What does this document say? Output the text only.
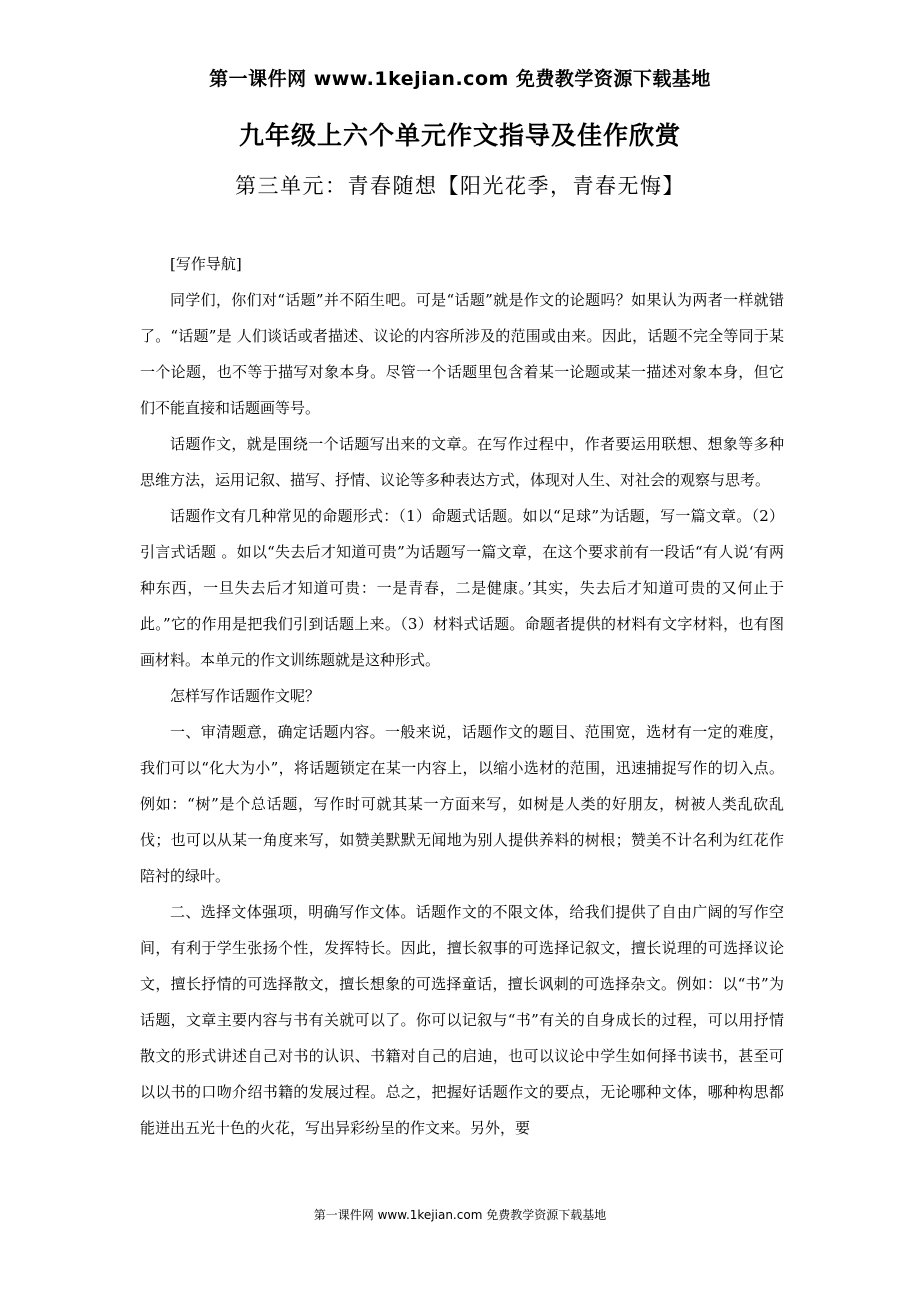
第一课件网 www.1kejian.com 免费教学资源下载基地
九年级上六个单元作文指导及佳作欣赏
第三单元：青春随想【阳光花季，青春无悔】

[写作导航]

同学们，你们对“话题”并不陌生吧。可是“话题”就是作文的论题吗？如果认为两者一样就错了。“话题”是 人们谈话或者描述、议论的内容所涉及的范围或由来。因此，话题不完全等同于某一个论题，也不等于描写对象本身。尽管一个话题里包含着某一论题或某一描述对象本身，但它们不能直接和话题画等号。

话题作文，就是围绕一个话题写出来的文章。在写作过程中，作者要运用联想、想象等多种思维方法，运用记叙、描写、抒情、议论等多种表达方式，体现对人生、对社会的观察与思考。

话题作文有几种常见的命题形式：（1）命题式话题。如以“足球”为话题，写一篇文章。（2）引言式话题 。如以“失去后才知道可贵”为话题写一篇文章，在这个要求前有一段话“有人说‘有两种东西，一旦失去后才知道可贵：一是青春，二是健康。’其实，失去后才知道可贵的又何止于此。”它的作用是把我们引到话题上来。（3）材料式话题。命题者提供的材料有文字材料，也有图画材料。本单元的作文训练题就是这种形式。

怎样写作话题作文呢？

一、审清题意，确定话题内容。一般来说，话题作文的题目、范围宽，选材有一定的难度，我们可以“化大为小”，将话题锁定在某一内容上，以缩小选材的范围，迅速捕捉写作的切入点。例如：“树”是个总话题，写作时可就其某一方面来写，如树是人类的好朋友，树被人类乱砍乱伐；也可以从某一角度来写，如赞美默默无闻地为别人提供养料的树根；赞美不计名利为红花作陪衬的绿叶。

二、选择文体强项，明确写作文体。话题作文的不限文体，给我们提供了自由广阔的写作空间，有利于学生张扬个性，发挥特长。因此，擅长叙事的可选择记叙文，擅长说理的可选择议论文，擅长抒情的可选择散文，擅长想象的可选择童话，擅长讽刺的可选择杂文。例如：以“书”为话题，文章主要内容与书有关就可以了。你可以记叙与“书”有关的自身成长的过程，可以用抒情散文的形式讲述自己对书的认识、书籍对自己的启迪，也可以议论中学生如何择书读书，甚至可以以书的口吻介绍书籍的发展过程。总之，把握好话题作文的要点，无论哪种文体，哪种构思都能迸出五光十色的火花，写出异彩纷呈的作文来。另外，要

第一课件网 www.1kejian.com 免费教学资源下载基地
